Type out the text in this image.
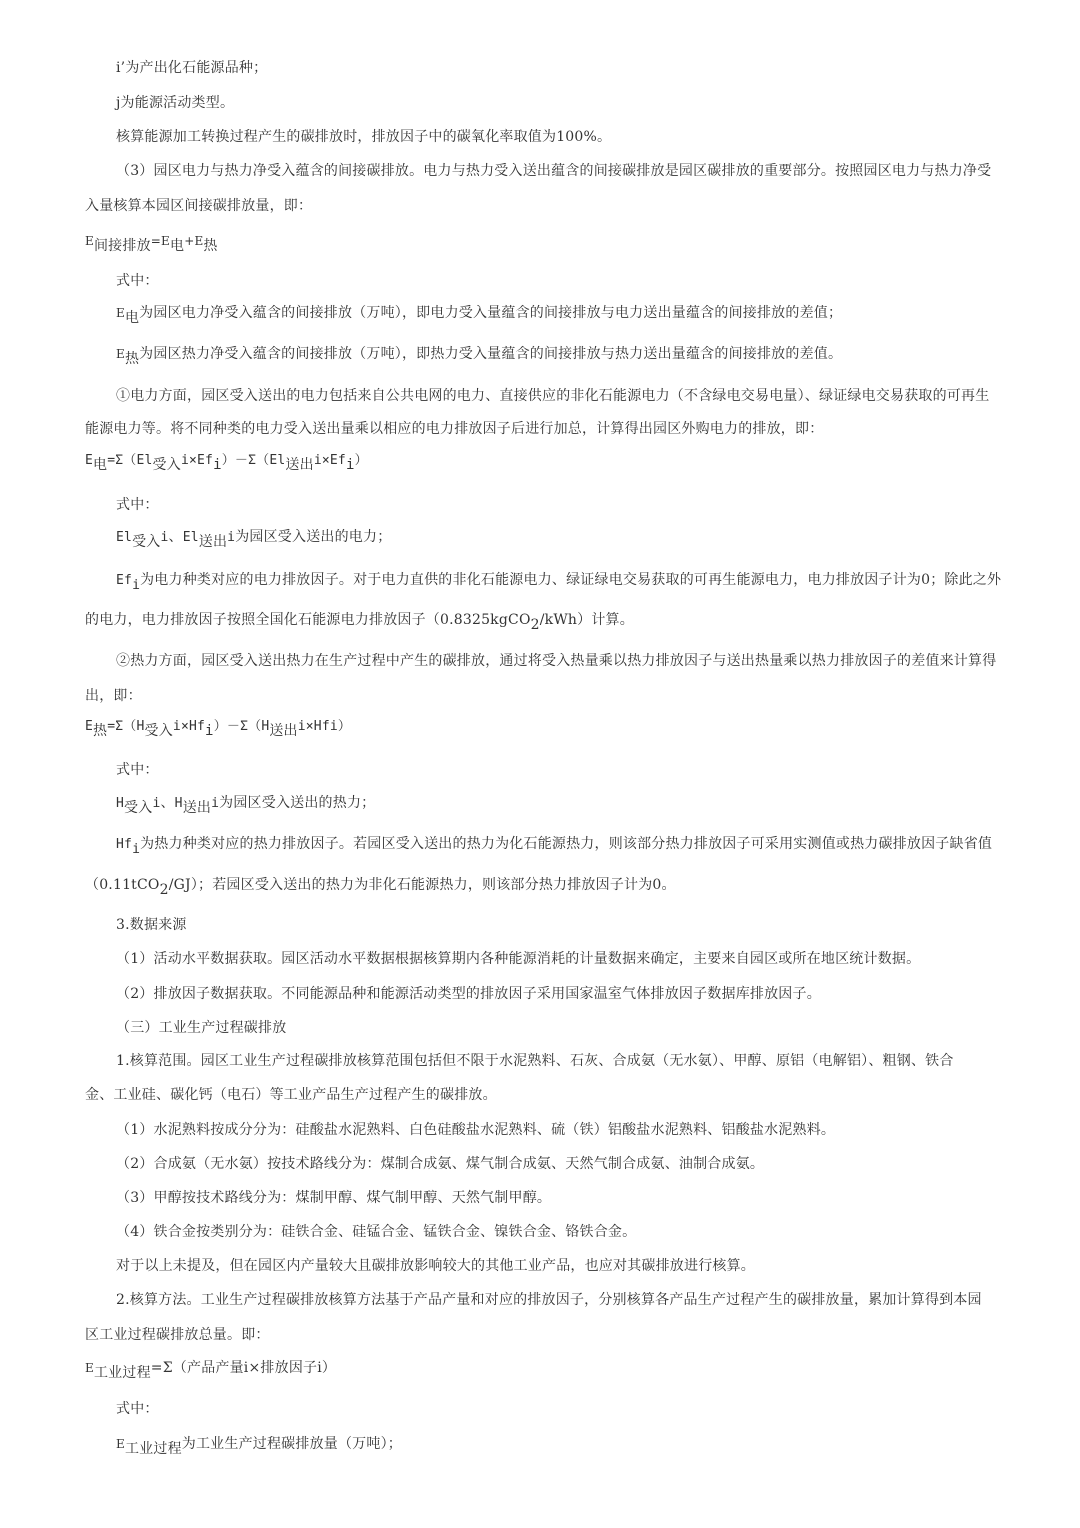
i’为产出化石能源品种；
j为能源活动类型。
核算能源加工转换过程产生的碳排放时，排放因子中的碳氧化率取值为100%。
（3）园区电力与热力净受入蕴含的间接碳排放。电力与热力受入送出蕴含的间接碳排放是园区碳排放的重要部分。按照园区电力与热力净受
入量核算本园区间接碳排放量，即：
$E_{间接排放}=E_电+E_热$
式中：
$E_电$为园区电力净受入蕴含的间接排放（万吨），即电力受入量蕴含的间接排放与电力送出量蕴含的间接排放的差值；
$E_热$为园区热力净受入蕴含的间接排放（万吨），即热力受入量蕴含的间接排放与热力送出量蕴含的间接排放的差值。
①电力方面，园区受入送出的电力包括来自公共电网的电力、直接供应的非化石能源电力（不含绿电交易电量）、绿证绿电交易获取的可再生
能源电力等。将不同种类的电力受入送出量乘以相应的电力排放因子后进行加总，计算得出园区外购电力的排放，即：
$E_电=\Sigma(El_{受入}i\times Ef_i)-\Sigma(El_{送出}i\times Ef_i)$
式中：
$El_{受入}i$、$El_{送出}i$为园区受入送出的电力；
$Ef_i$为电力种类对应的电力排放因子。对于电力直供的非化石能源电力、绿证绿电交易获取的可再生能源电力，电力排放因子计为0；除此之外
的电力，电力排放因子按照全国化石能源电力排放因子（0.8325kgCO$_2$/kWh）计算。
②热力方面，园区受入送出热力在生产过程中产生的碳排放，通过将受入热量乘以热力排放因子与送出热量乘以热力排放因子的差值来计算得
出，即：
$E_热=\Sigma(H_{受入}i\times Hf_i)-\Sigma(H_{送出}i\times Hfi)$
式中：
$H_{受入}i$、$H_{送出}i$为园区受入送出的热力；
$Hf_i$为热力种类对应的热力排放因子。若园区受入送出的热力为化石能源热力，则该部分热力排放因子可采用实测值或热力碳排放因子缺省值
（0.11tCO$_2$/GJ）；若园区受入送出的热力为非化石能源热力，则该部分热力排放因子计为0。
3.数据来源
（1）活动水平数据获取。园区活动水平数据根据核算期内各种能源消耗的计量数据来确定，主要来自园区或所在地区统计数据。
（2）排放因子数据获取。不同能源品种和能源活动类型的排放因子采用国家温室气体排放因子数据库排放因子。
（三）工业生产过程碳排放
1.核算范围。园区工业生产过程碳排放核算范围包括但不限于水泥熟料、石灰、合成氨（无水氨）、甲醇、原铝（电解铝）、粗钢、铁合
金、工业硅、碳化钙（电石）等工业产品生产过程产生的碳排放。
（1）水泥熟料按成分分为：硅酸盐水泥熟料、白色硅酸盐水泥熟料、硫（铁）铝酸盐水泥熟料、铝酸盐水泥熟料。
（2）合成氨（无水氨）按技术路线分为：煤制合成氨、煤气制合成氨、天然气制合成氨、油制合成氨。
（3）甲醇按技术路线分为：煤制甲醇、煤气制甲醇、天然气制甲醇。
（4）铁合金按类别分为：硅铁合金、硅锰合金、锰铁合金、镍铁合金、铬铁合金。
对于以上未提及，但在园区内产量较大且碳排放影响较大的其他工业产品，也应对其碳排放进行核算。
2.核算方法。工业生产过程碳排放核算方法基于产品产量和对应的排放因子，分别核算各产品生产过程产生的碳排放量，累加计算得到本园
区工业过程碳排放总量。即：
$E_{工业过程}=\Sigma$（产品产量i×排放因子i）
式中：
$E_{工业过程}$为工业生产过程碳排放量（万吨）；
